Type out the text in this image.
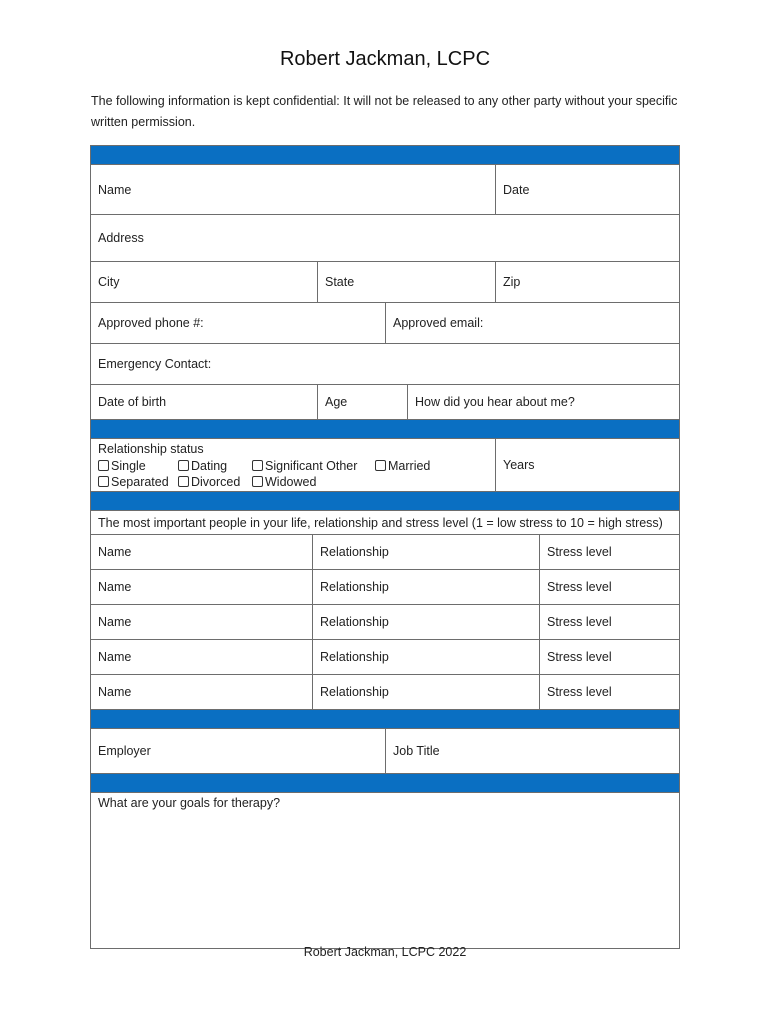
Robert Jackman, LCPC
The following information is kept confidential: It will not be released to any other party without your specific written permission.
Name	Date
Address
City	State	Zip
Approved phone #:	Approved email:
Emergency Contact:
Date of birth	Age	How did you hear about me?
Relationship status
Single	Dating	Significant Other Married
Separated Divorced Widowed
Years
The most important people in your life, relationship and stress level (1 = low stress to 10 = high stress)
Name	Relationship	Stress level
Name	Relationship	Stress level
Name	Relationship	Stress level
Name	Relationship	Stress level
Name	Relationship	Stress level
Employer	Job Title
What are your goals for therapy?
Robert Jackman, LCPC 2022
